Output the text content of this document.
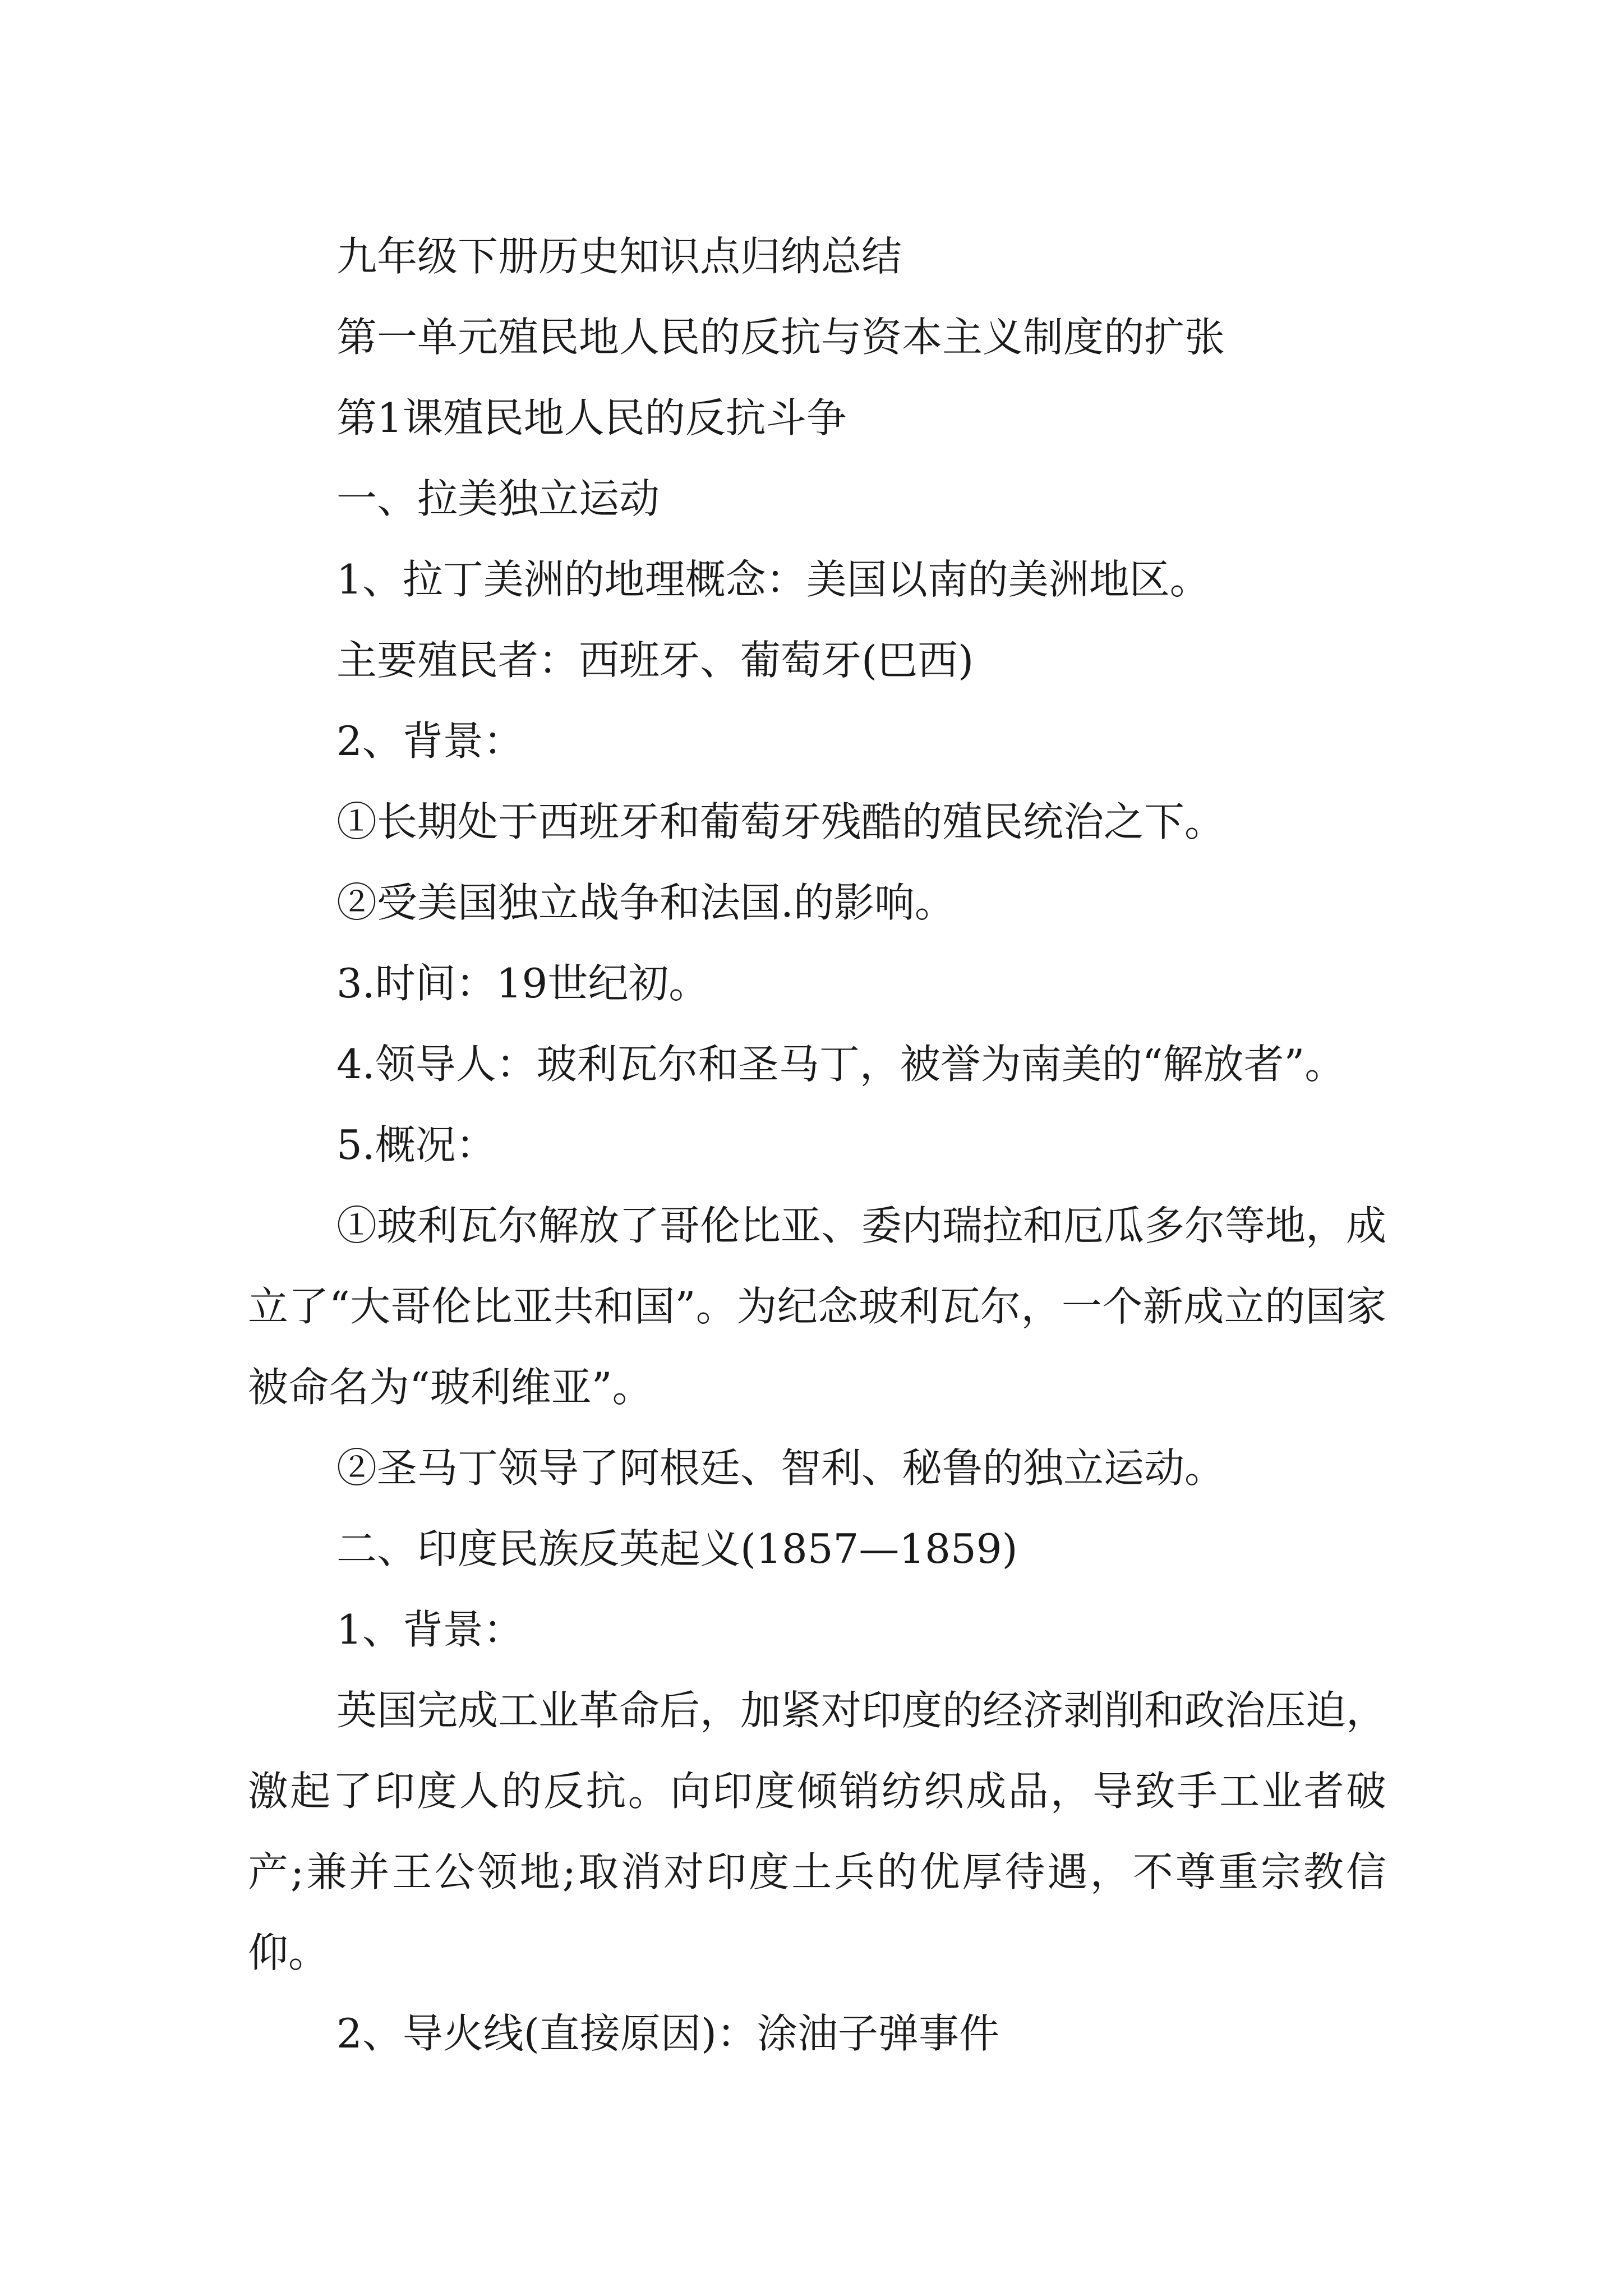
九年级下册历史知识点归纳总结

第一单元殖民地人民的反抗与资本主义制度的扩张

第1课殖民地人民的反抗斗争

一、拉美独立运动

1、拉丁美洲的地理概念：美国以南的美洲地区。

主要殖民者：西班牙、葡萄牙(巴西)

2、背景：

①长期处于西班牙和葡萄牙残酷的殖民统治之下。

②受美国独立战争和法国.的影响。

3.时间：19世纪初。

4.领导人：玻利瓦尔和圣马丁，被誉为南美的“解放者”。

5.概况：

①玻利瓦尔解放了哥伦比亚、委内瑞拉和厄瓜多尔等地，成立了“大哥伦比亚共和国”。为纪念玻利瓦尔，一个新成立的国家被命名为“玻利维亚”。

②圣马丁领导了阿根廷、智利、秘鲁的独立运动。

二、印度民族反英起义(1857—1859)

1、背景：

英国完成工业革命后，加紧对印度的经济剥削和政治压迫，激起了印度人的反抗。向印度倾销纺织成品，导致手工业者破产;兼并王公领地;取消对印度土兵的优厚待遇，不尊重宗教信仰。

2、导火线(直接原因)：涂油子弹事件
